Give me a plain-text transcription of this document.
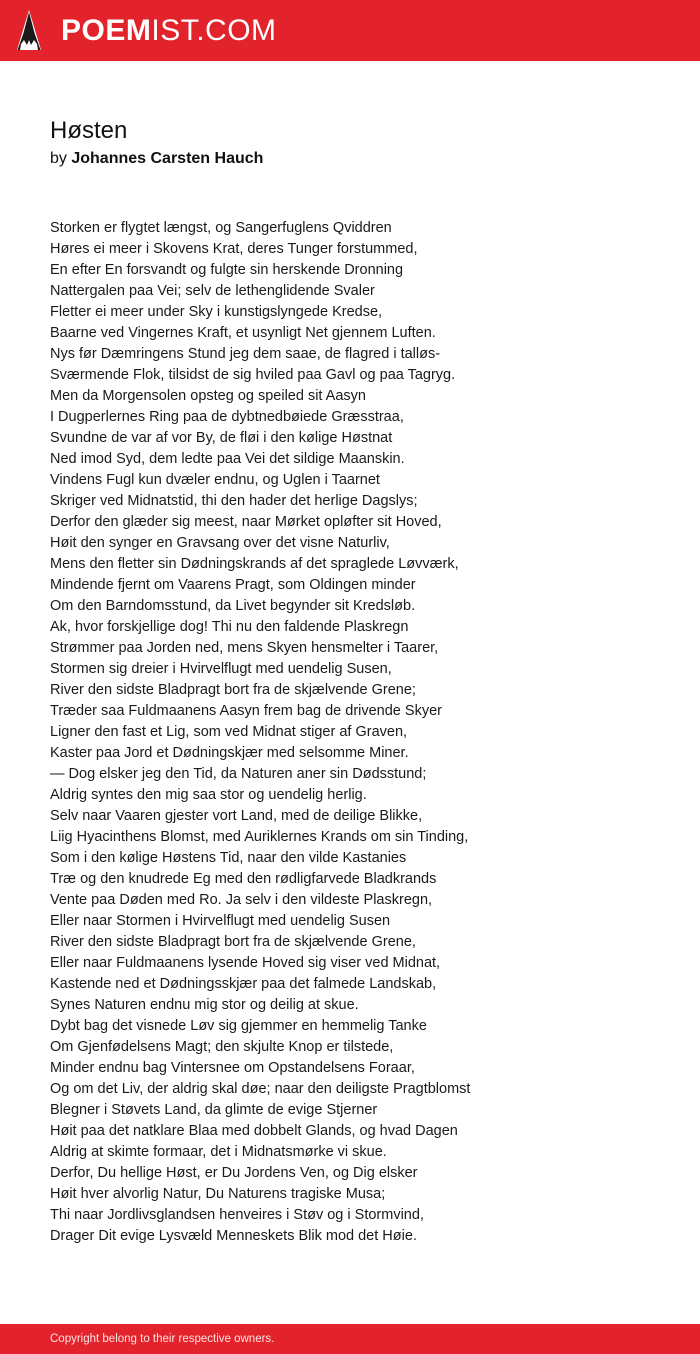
POEMIST.COM
Høsten
by Johannes Carsten Hauch
Storken er flygtet længst, og Sangerfuglens Qviddren
Høres ei meer i Skovens Krat, deres Tunger forstummed,
En efter En forsvandt og fulgte sin herskende Dronning
Nattergalen paa Vei; selv de lethenglidende Svaler
Fletter ei meer under Sky i kunstigslyngede Kredse,
Baarne ved Vingernes Kraft, et usynligt Net gjennem Luften.
Nys før Dæmringens Stund jeg dem saae, de flagred i talløs-
Sværmende Flok, tilsidst de sig hviled paa Gavl og paa Tagryg.
Men da Morgensolen opsteg og speiled sit Aasyn
I Dugperlernes Ring paa de dybtnedbøiede Græsstraa,
Svundne de var af vor By, de fløi i den kølige Høstnat
Ned imod Syd, dem ledte paa Vei det sildige Maanskin.
Vindens Fugl kun dvæler endnu, og Uglen i Taarnet
Skriger ved Midnatstid, thi den hader det herlige Dagslys;
Derfor den glæder sig meest, naar Mørket opløfter sit Hoved,
Høit den synger en Gravsang over det visne Naturliv,
Mens den fletter sin Dødningskrands af det spraglede Løvværk,
Mindende fjernt om Vaarens Pragt, som Oldingen minder
Om den Barndomsstund, da Livet begynder sit Kredsløb.
Ak, hvor forskjellige dog! Thi nu den faldende Plaskregn
Strømmer paa Jorden ned, mens Skyen hensmelter i Taarer,
Stormen sig dreier i Hvirvelflugt med uendelig Susen,
River den sidste Bladpragt bort fra de skjælvende Grene;
Træder saa Fuldmaanens Aasyn frem bag de drivende Skyer
Ligner den fast et Lig, som ved Midnat stiger af Graven,
Kaster paa Jord et Dødningskjær med selsomme Miner.
— Dog elsker jeg den Tid, da Naturen aner sin Dødsstund;
Aldrig syntes den mig saa stor og uendelig herlig.
Selv naar Vaaren gjester vort Land, med de deilige Blikke,
Liig Hyacinthens Blomst, med Auriklernes Krands om sin Tinding,
Som i den kølige Høstens Tid, naar den vilde Kastanies
Træ og den knudrede Eg med den rødligfarvede Bladkrands
Vente paa Døden med Ro. Ja selv i den vildeste Plaskregn,
Eller naar Stormen i Hvirvelflugt med uendelig Susen
River den sidste Bladpragt bort fra de skjælvende Grene,
Eller naar Fuldmaanens lysende Hoved sig viser ved Midnat,
Kastende ned et Dødningsskjær paa det falmede Landskab,
Synes Naturen endnu mig stor og deilig at skue.
Dybt bag det visnede Løv sig gjemmer en hemmelig Tanke
Om Gjenfødelsens Magt; den skjulte Knop er tilstede,
Minder endnu bag Vintersnee om Opstandelsens Foraar,
Og om det Liv, der aldrig skal døe; naar den deiligste Pragtblomst
Blegner i Støvets Land, da glimte de evige Stjerner
Høit paa det natklare Blaa med dobbelt Glands, og hvad Dagen
Aldrig at skimte formaar, det i Midnatsmørke vi skue.
Derfor, Du hellige Høst, er Du Jordens Ven, og Dig elsker
Høit hver alvorlig Natur, Du Naturens tragiske Musa;
Thi naar Jordlivsglandsen henveires i Støv og i Stormvind,
Drager Dit evige Lysvæld Menneskets Blik mod det Høie.
Copyright belong to their respective owners.
